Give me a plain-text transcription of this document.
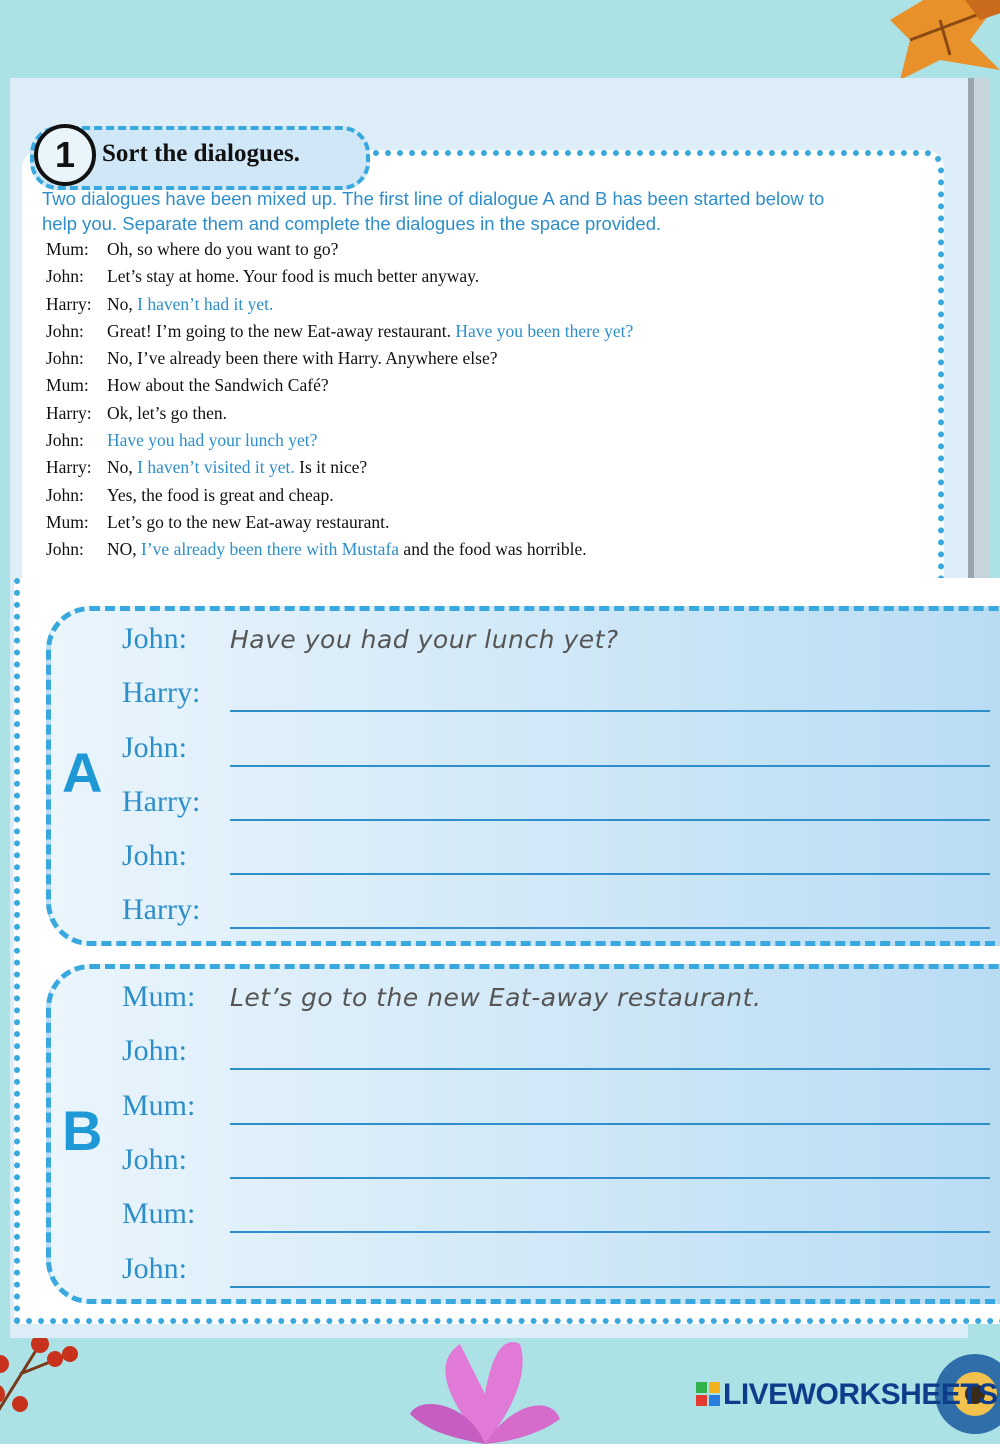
1	Sort the dialogues.
Two dialogues have been mixed up. The first line of dialogue A and B has been started below to help you. Separate them and complete the dialogues in the space provided.
Mum: Oh, so where do you want to go?
John: Let’s stay at home. Your food is much better anyway.
Harry: No, I haven’t had it yet.
John: Great! I’m going to the new Eat-away restaurant. Have you been there yet?
John: No, I’ve already been there with Harry. Anywhere else?
Mum: How about the Sandwich Café?
Harry: Ok, let’s go then.
John: Have you had your lunch yet?
Harry: No, I haven’t visited it yet. Is it nice?
John: Yes, the food is great and cheap.
Mum: Let’s go to the new Eat-away restaurant.
John: NO, I’ve already been there with Mustafa and the food was horrible.
A
John: Have you had your lunch yet?
Harry:
John:
Harry:
John:
Harry:
B
Mum: Let’s go to the new Eat-away restaurant.
John:
Mum:
John:
Mum:
John:
LIVEWORKSHEETS
